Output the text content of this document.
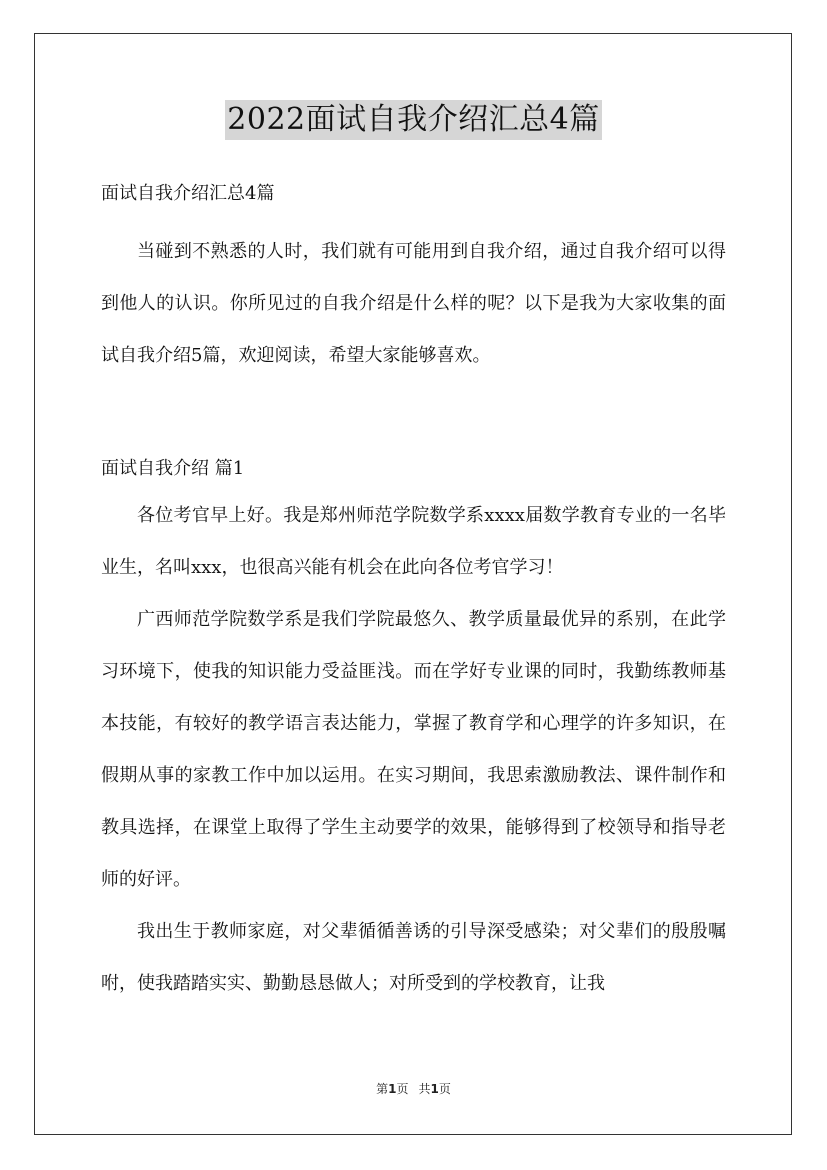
2022面试自我介绍汇总4篇

面试自我介绍汇总4篇

当碰到不熟悉的人时，我们就有可能用到自我介绍，通过自我介绍可以得到他人的认识。你所见过的自我介绍是什么样的呢？以下是我为大家收集的面试自我介绍5篇，欢迎阅读，希望大家能够喜欢。

面试自我介绍 篇1

各位考官早上好。我是郑州师范学院数学系xxxx届数学教育专业的一名毕业生，名叫xxx，也很高兴能有机会在此向各位考官学习！

广西师范学院数学系是我们学院最悠久、教学质量最优异的系别，在此学习环境下，使我的知识能力受益匪浅。而在学好专业课的同时，我勤练教师基本技能，有较好的教学语言表达能力，掌握了教育学和心理学的许多知识，在假期从事的家教工作中加以运用。在实习期间，我思索激励教法、课件制作和教具选择，在课堂上取得了学生主动要学的效果，能够得到了校领导和指导老师的好评。

我出生于教师家庭，对父辈循循善诱的引导深受感染；对父辈们的殷殷嘱咐，使我踏踏实实、勤勤恳恳做人；对所受到的学校教育，让我

第1页 共1页
